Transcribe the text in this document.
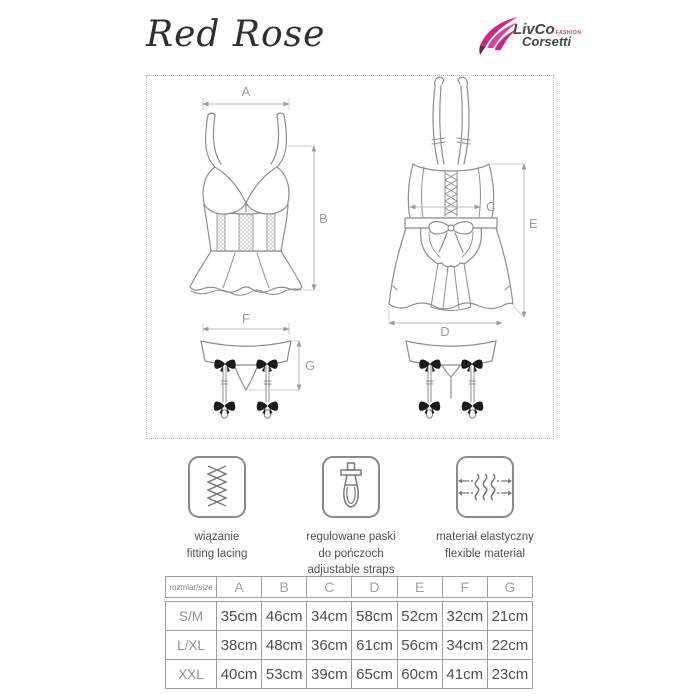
Red Rose	LivCoFASHION
Corsetti
A
B
C
E
D
F
G
wiązanie
fitting lacing
regulowane paski
do pończoch
adjustable straps
materiał elastyczny
flexible material
rozmiar/size	A	B	C	D	E	F	G
S/M	35cm 46cm 34cm 58cm 52cm 32cm 21cm
L/XL	38cm 48cm 36cm 61cm 56cm 34cm 22cm
XXL	40cm 53cm 39cm 65cm 60cm 41cm 23cm
